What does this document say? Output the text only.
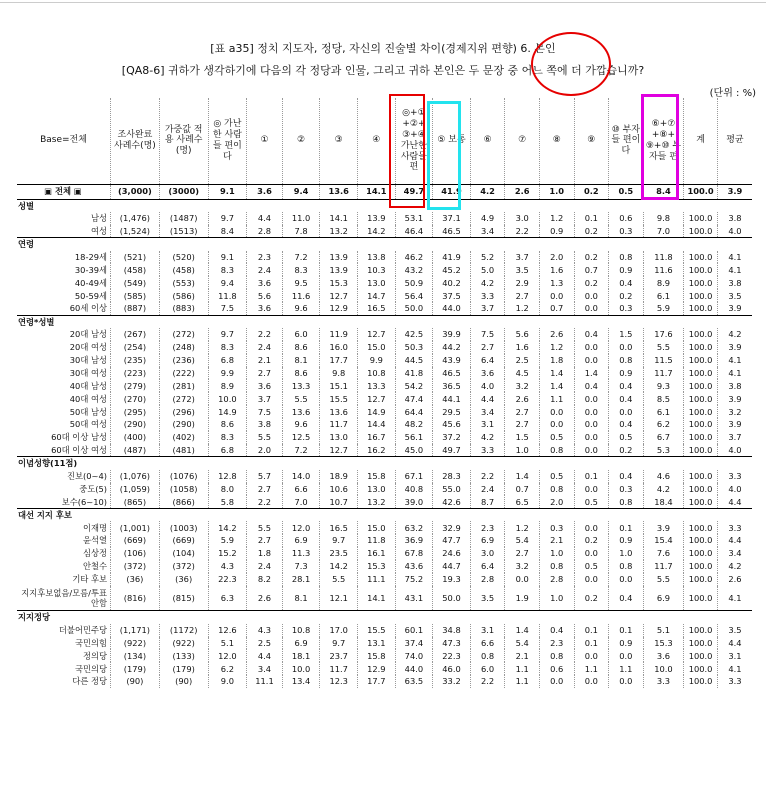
[표 a35] 정치 지도자, 정당, 자신의 진술별 차이(경제지위 편향) 6. 본인
[QA8-6] 귀하가 생각하기에 다음의 각 정당과 인물, 그리고 귀하 본인은 두 문장 중 어느 쪽에 더 가깝습니까?
(단위 : %)
Base=전체	조사완료 사례수(명)	가중값 적용 사례수(명)	◎ 가난한 사람들 편이다	①	②	③	④	◎+① +②+ ③+④ 가난한 사람들 편	⑤ 보통	⑥	⑦	⑧	⑨	⑩ 부자들 편이다	⑥+⑦ +⑧+ ⑨+⑩ 부자들 편	계	평균
▣ 전체 ▣	(3,000)	(3000)	9.1	3.6	9.4	13.6	14.1	49.7	41.9	4.2	2.6	1.0	0.2	0.5	8.4	100.0	3.9
성별																	
남성	(1,476)	(1487)	9.7	4.4	11.0	14.1	13.9	53.1	37.1	4.9	3.0	1.2	0.1	0.6	9.8	100.0	3.8
여성	(1,524)	(1513)	8.4	2.8	7.8	13.2	14.2	46.4	46.5	3.4	2.2	0.9	0.2	0.3	7.0	100.0	4.0
연령																	
18-29세	(521)	(520)	9.1	2.3	7.2	13.9	13.8	46.2	41.9	5.2	3.7	2.0	0.2	0.8	11.8	100.0	4.1
30-39세	(458)	(458)	8.3	2.4	8.3	13.9	10.3	43.2	45.2	5.0	3.5	1.6	0.7	0.9	11.6	100.0	4.1
40-49세	(549)	(553)	9.4	3.6	9.5	15.3	13.0	50.9	40.2	4.2	2.9	1.3	0.2	0.4	8.9	100.0	3.8
50-59세	(585)	(586)	11.8	5.6	11.6	12.7	14.7	56.4	37.5	3.3	2.7	0.0	0.0	0.2	6.1	100.0	3.5
60세 이상	(887)	(883)	7.5	3.6	9.6	12.9	16.5	50.0	44.0	3.7	1.2	0.7	0.0	0.3	5.9	100.0	3.9
연령*성별																	
20대 남성	(267)	(272)	9.7	2.2	6.0	11.9	12.7	42.5	39.9	7.5	5.6	2.6	0.4	1.5	17.6	100.0	4.2
20대 여성	(254)	(248)	8.3	2.4	8.6	16.0	15.0	50.3	44.2	2.7	1.6	1.2	0.0	0.0	5.5	100.0	3.9
30대 남성	(235)	(236)	6.8	2.1	8.1	17.7	9.9	44.5	43.9	6.4	2.5	1.8	0.0	0.8	11.5	100.0	4.1
30대 여성	(223)	(222)	9.9	2.7	8.6	9.8	10.8	41.8	46.5	3.6	4.5	1.4	1.4	0.9	11.7	100.0	4.1
40대 남성	(279)	(281)	8.9	3.6	13.3	15.1	13.3	54.2	36.5	4.0	3.2	1.4	0.4	0.4	9.3	100.0	3.8
40대 여성	(270)	(272)	10.0	3.7	5.5	15.5	12.7	47.4	44.1	4.4	2.6	1.1	0.0	0.4	8.5	100.0	3.9
50대 남성	(295)	(296)	14.9	7.5	13.6	13.6	14.9	64.4	29.5	3.4	2.7	0.0	0.0	0.0	6.1	100.0	3.2
50대 여성	(290)	(290)	8.6	3.8	9.6	11.7	14.4	48.2	45.6	3.1	2.7	0.0	0.0	0.4	6.2	100.0	3.9
60대 이상 남성	(400)	(402)	8.3	5.5	12.5	13.0	16.7	56.1	37.2	4.2	1.5	0.5	0.0	0.5	6.7	100.0	3.7
60대 이상 여성	(487)	(481)	6.8	2.0	7.2	12.7	16.2	45.0	49.7	3.3	1.0	0.8	0.0	0.2	5.3	100.0	4.0
이념성향(11점)																	
진보(0~4)	(1,076)	(1076)	12.8	5.7	14.0	18.9	15.8	67.1	28.3	2.2	1.4	0.5	0.1	0.4	4.6	100.0	3.3
중도(5)	(1,059)	(1058)	8.0	2.7	6.6	10.6	13.0	40.8	55.0	2.4	0.7	0.8	0.0	0.3	4.2	100.0	4.0
보수(6~10)	(865)	(866)	5.8	2.2	7.0	10.7	13.2	39.0	42.6	8.7	6.5	2.0	0.5	0.8	18.4	100.0	4.4
대선 지지 후보																	
이재명	(1,001)	(1003)	14.2	5.5	12.0	16.5	15.0	63.2	32.9	2.3	1.2	0.3	0.0	0.1	3.9	100.0	3.3
윤석열	(669)	(669)	5.9	2.7	6.9	9.7	11.8	36.9	47.7	6.9	5.4	2.1	0.2	0.9	15.4	100.0	4.4
심상정	(106)	(104)	15.2	1.8	11.3	23.5	16.1	67.8	24.6	3.0	2.7	1.0	0.0	1.0	7.6	100.0	3.4
안철수	(372)	(372)	4.3	2.4	7.3	14.2	15.3	43.6	44.7	6.4	3.2	0.8	0.5	0.8	11.7	100.0	4.2
기타 후보	(36)	(36)	22.3	8.2	28.1	5.5	11.1	75.2	19.3	2.8	0.0	2.8	0.0	0.0	5.5	100.0	2.6
지지후보없음/모름/투표안함	(816)	(815)	6.3	2.6	8.1	12.1	14.1	43.1	50.0	3.5	1.9	1.0	0.2	0.4	6.9	100.0	4.1
지지정당																	
더불어민주당	(1,171)	(1172)	12.6	4.3	10.8	17.0	15.5	60.1	34.8	3.1	1.4	0.4	0.1	0.1	5.1	100.0	3.5
국민의힘	(922)	(922)	5.1	2.5	6.9	9.7	13.1	37.4	47.3	6.6	5.4	2.3	0.1	0.9	15.3	100.0	4.4
정의당	(134)	(133)	12.0	4.4	18.1	23.7	15.8	74.0	22.3	0.8	2.1	0.8	0.0	0.0	3.6	100.0	3.1
국민의당	(179)	(179)	6.2	3.4	10.0	11.7	12.9	44.0	46.0	6.0	1.1	0.6	1.1	1.1	10.0	100.0	4.1
다른 정당	(90)	(90)	9.0	11.1	13.4	12.3	17.7	63.5	33.2	2.2	1.1	0.0	0.0	0.0	3.3	100.0	3.3
